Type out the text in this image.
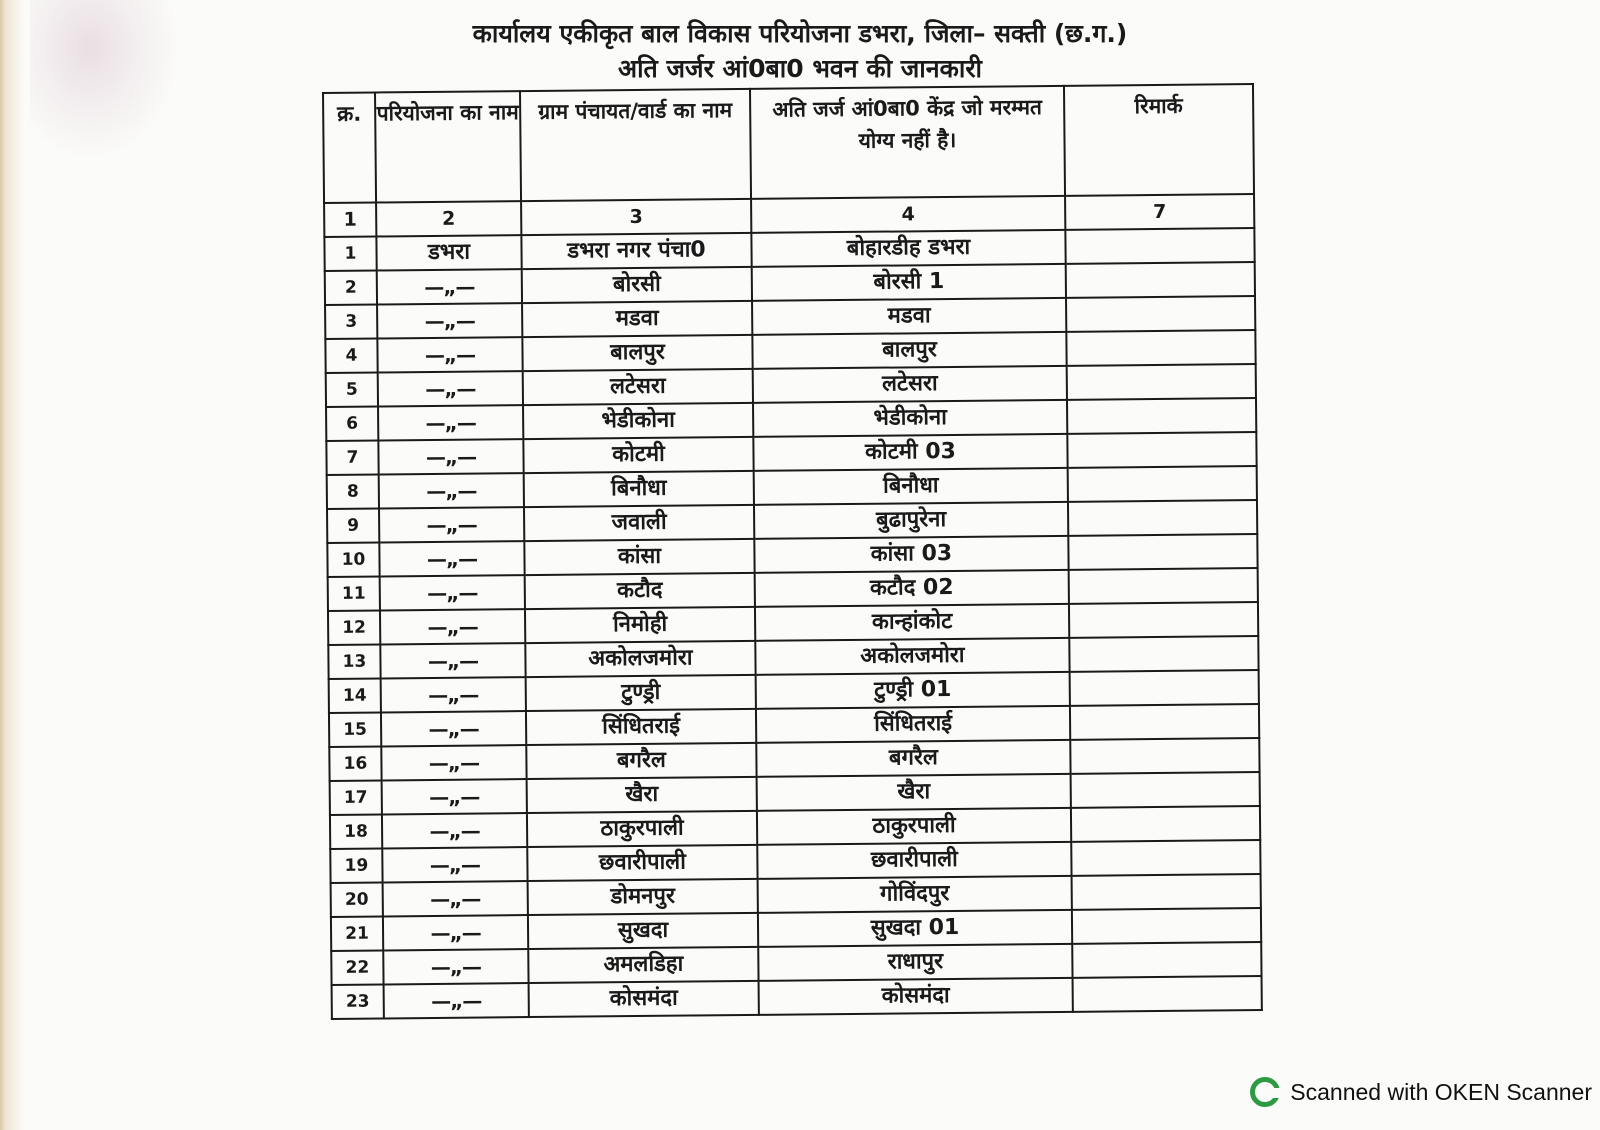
कार्यालय एकीकृत बाल विकास परियोजना डभरा, जिला– सक्ती (छ.ग.)
अति जर्जर आं0बा0 भवन की जानकारी
क्र.	परियोजना का नाम	ग्राम पंचायत/वार्ड का नाम	अति जर्ज आं0बा0 केंद्र जो मरम्मत योग्य नहीं है।	रिमार्क
1	2	3	4	7
1	डभरा	डभरा नगर पंचा0	बोहारडीह डभरा	
2	—„—	बोरसी	बोरसी 1	
3	—„—	मडवा	मडवा	
4	—„—	बालपुर	बालपुर	
5	—„—	लटेसरा	लटेसरा	
6	—„—	भेडीकोना	भेडीकोना	
7	—„—	कोटमी	कोटमी 03	
8	—„—	बिनौधा	बिनौधा	
9	—„—	जवाली	बुढापुरेना	
10	—„—	कांसा	कांसा 03	
11	—„—	कटौद	कटौद 02	
12	—„—	निमोही	कान्हांकोट	
13	—„—	अकोलजमोरा	अकोलजमोरा	
14	—„—	टुण्ड्री	टुण्ड्री 01	
15	—„—	सिंधितराई	सिंधितराई	
16	—„—	बगरैल	बगरैल	
17	—„—	खैरा	खैरा	
18	—„—	ठाकुरपाली	ठाकुरपाली	
19	—„—	छवारीपाली	छवारीपाली	
20	—„—	डोमनपुर	गोविंदपुर	
21	—„—	सुखदा	सुखदा 01	
22	—„—	अमलडिहा	राधापुर	
23	—„—	कोसमंदा	कोसमंदा	
Scanned with OKEN Scanner
